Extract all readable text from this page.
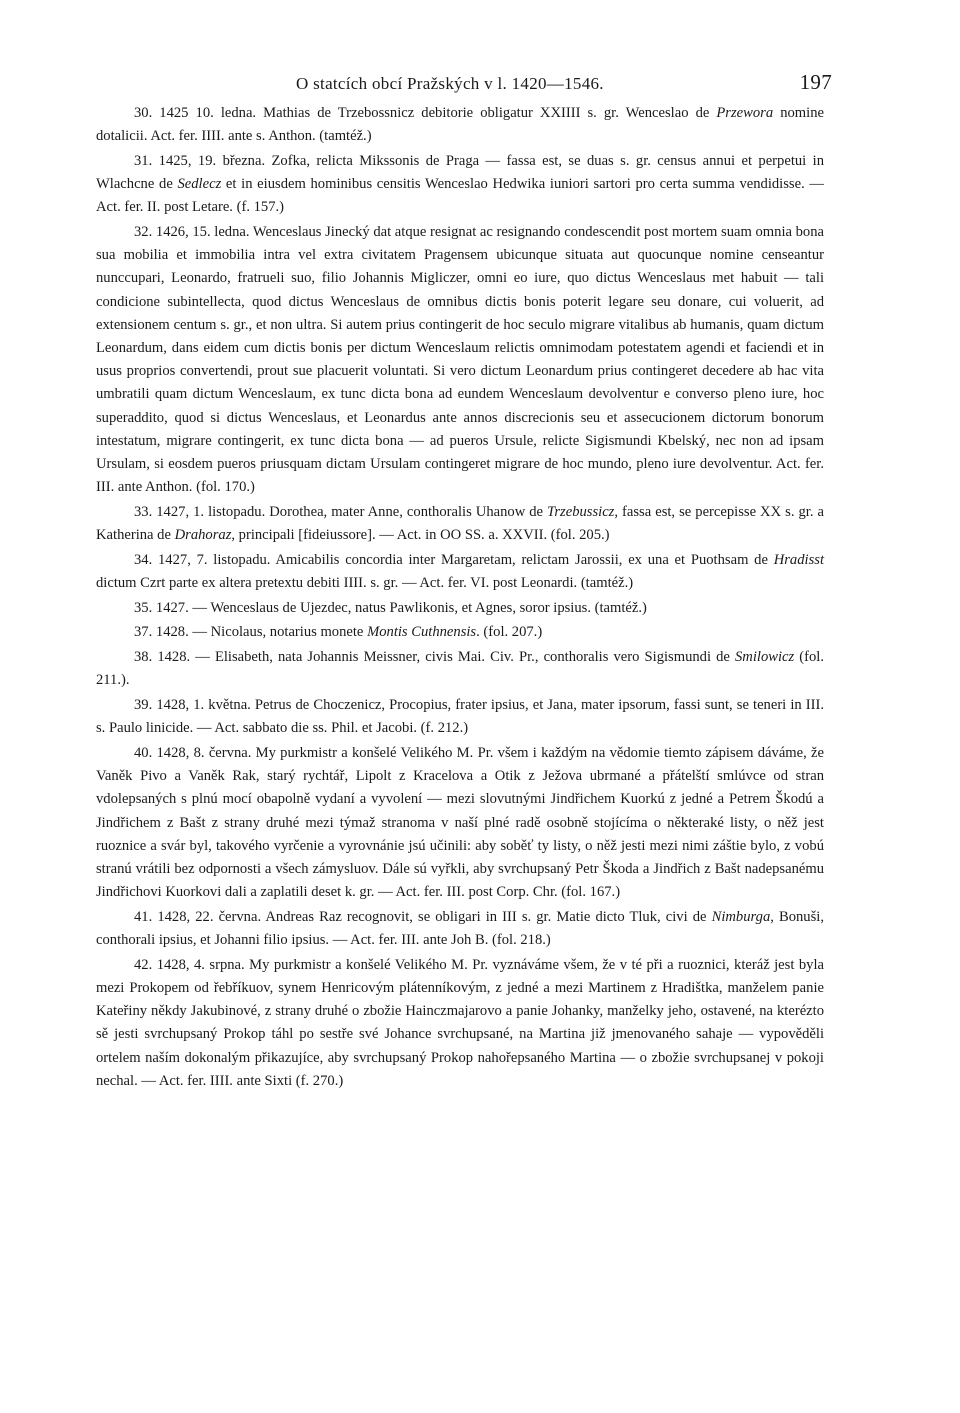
O statcích obcí Pražských v l. 1420—1546.	197

30. 1425 10. ledna. Mathias de Trzebossnicz debitorie obligatur XXIIII s. gr. Wenceslao de Przewora nomine dotalicii. Act. fer. IIII. ante s. Anthon. (tamtéž.)

31. 1425, 19. března. Zofka, relicta Mikssonis de Praga — fassa est, se duas s. gr. census annui et perpetui in Wlachcne de Sedlecz et in eiusdem hominibus censitis Wenceslao Hedwika iuniori sartori pro certa summa vendidisse. — Act. fer. II. post Letare. (f. 157.)

32. 1426, 15. ledna. Wenceslaus Jinecký dat atque resignat ac resignando condescendit post mortem suam omnia bona sua mobilia et immobilia intra vel extra civitatem Pragensem ubicunque situata aut quocunque nomine censeantur nunccupari, Leonardo, fratrueli suo, filio Johannis Migliczer, omni eo iure, quo dictus Wenceslaus met habuit — tali condicione subintellecta, quod dictus Wenceslaus de omnibus dictis bonis poterit legare seu donare, cui voluerit, ad extensionem centum s. gr., et non ultra. Si autem prius contingerit de hoc seculo migrare vitalibus ab humanis, quam dictum Leonardum, dans eidem cum dictis bonis per dictum Wenceslaum relictis omnimodam potestatem agendi et faciendi et in usus proprios convertendi, prout sue placuerit voluntati. Si vero dictum Leonardum prius contingeret decedere ab hac vita umbratili quam dictum Wenceslaum, ex tunc dicta bona ad eundem Wenceslaum devolventur e converso pleno iure, hoc superaddito, quod si dictus Wenceslaus, et Leonardus ante annos discrecionis seu et assecucionem dictorum bonorum intestatum, migrare contingerit, ex tunc dicta bona — ad pueros Ursule, relicte Sigismundi Kbelský, nec non ad ipsam Ursulam, si eosdem pueros priusquam dictam Ursulam contingeret migrare de hoc mundo, pleno iure devolventur. Act. fer. III. ante Anthon. (fol. 170.)

33. 1427, 1. listopadu. Dorothea, mater Anne, conthoralis Uhanow de Trzebussicz, fassa est, se percepisse XX s. gr. a Katherina de Drahoraz, principali [fideiussore]. — Act. in OO SS. a. XXVII. (fol. 205.)

34. 1427, 7. listopadu. Amicabilis concordia inter Margaretam, relictam Jarossii, ex una et Puothsam de Hradisst dictum Czrt parte ex altera pretextu debiti IIII. s. gr. — Act. fer. VI. post Leonardi. (tamtéž.)

35. 1427. — Wenceslaus de Ujezdec, natus Pawlikonis, et Agnes, soror ipsius. (tamtéž.)

37. 1428. — Nicolaus, notarius monete Montis Cuthnensis. (fol. 207.)

38. 1428. — Elisabeth, nata Johannis Meissner, civis Mai. Civ. Pr., conthoralis vero Sigismundi de Smilowicz (fol. 211.).

39. 1428, 1. května. Petrus de Choczenicz, Procopius, frater ipsius, et Jana, mater ipsorum, fassi sunt, se teneri in III. s. Paulo linicide. — Act. sabbato die ss. Phil. et Jacobi. (f. 212.)

40. 1428, 8. června. My purkmistr a konšelé Velikého M. Pr. všem i každým na vědomie tiemto zápisem dáváme, že Vaněk Pivo a Vaněk Rak, starý rychtář, Lipolt z Kracelova a Otik z Ježova ubrmané a přátelští smlúvce od stran vdolepsaných s plnú mocí obapolně vydaní a vyvolení — mezi slovutnými Jindřichem Kuorkú z jedné a Petrem Škodú a Jindřichem z Bašt z strany druhé mezi týmaž stranoma v naší plné radě osobně stojícíma o některaké listy, o něž jest ruoznice a svár byl, takového vyrčenie a vyrovnánie jsú učinili: aby soběť ty listy, o něž jesti mezi nimi záštie bylo, z vobú stranú vrátili bez odpornosti a všech zámysluov. Dále sú vyřkli, aby svrchupsaný Petr Škoda a Jindřich z Bašt nadepsanému Jindřichovi Kuorkovi dali a zaplatili deset k. gr. — Act. fer. III. post Corp. Chr. (fol. 167.)

41. 1428, 22. června. Andreas Raz recognovit, se obligari in III s. gr. Matie dicto Tluk, civi de Nimburga, Bonuši, conthorali ipsius, et Johanni filio ipsius. — Act. fer. III. ante Joh B. (fol. 218.)

42. 1428, 4. srpna. My purkmistr a konšelé Velikého M. Pr. vyznáváme všem, že v té při a ruoznici, kteráž jest byla mezi Prokopem od řebříkuov, synem Henricovým plátenníkovým, z jedné a mezi Martinem z Hradištka, manželem panie Kateřiny někdy Jakubinové, z strany druhé o zbožie Hainczmajarovo a panie Johanky, manželky jeho, ostavené, na kterézto sě jesti svrchupsaný Prokop táhl po sestře své Johance svrchupsané, na Martina již jmenovaného sahaje — vypověděli ortelem naším dokonalým přikazujíce, aby svrchupsaný Prokop nahořepsaného Martina — o zbožie svrchupsanej v pokoji nechal. — Act. fer. IIII. ante Sixti (f. 270.)
